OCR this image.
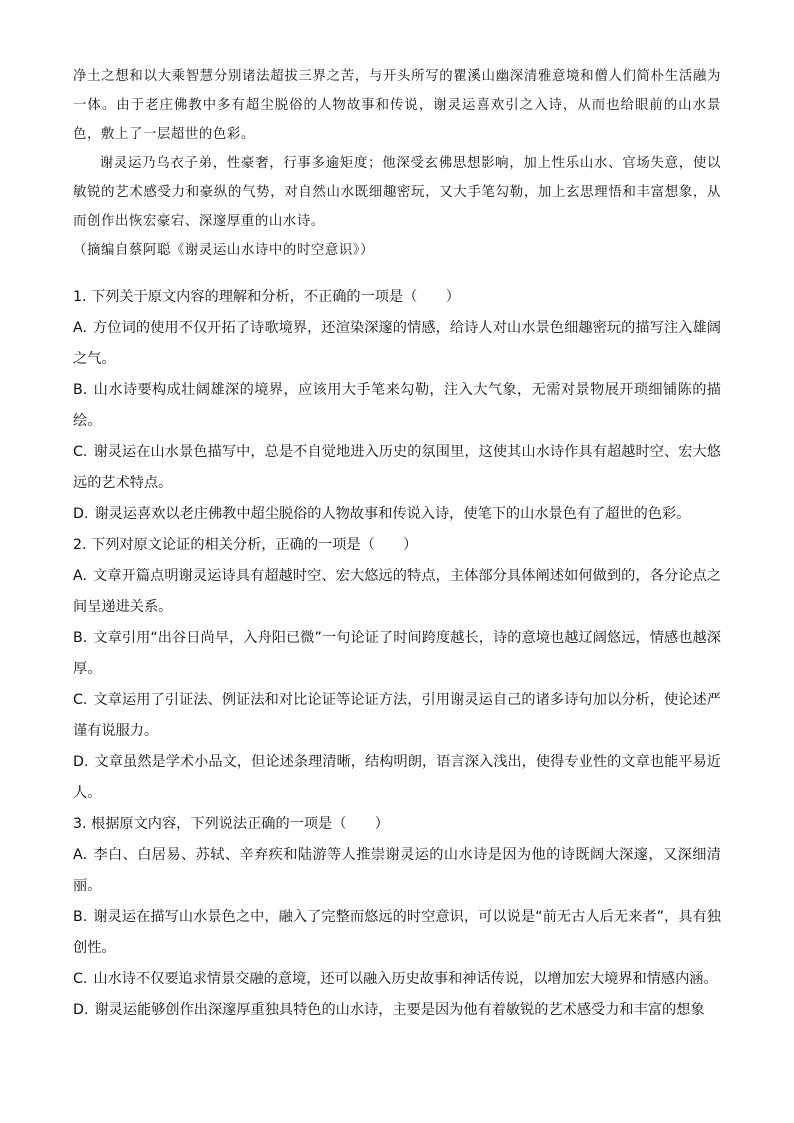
净土之想和以大乘智慧分别诸法超拔三界之苦，与开头所写的瞿溪山幽深清雅意境和僧人们简朴生活融为一体。由于老庄佛教中多有超尘脱俗的人物故事和传说，谢灵运喜欢引之入诗，从而也给眼前的山水景色，敷上了一层超世的色彩。

谢灵运乃乌衣子弟，性豪奢，行事多逾矩度；他深受玄佛思想影响，加上性乐山水、官场失意，使以敏锐的艺术感受力和豪纵的气势，对自然山水既细趣密玩，又大手笔勾勒，加上玄思理悟和丰富想象，从而创作出恢宏豪宕、深邃厚重的山水诗。

（摘编自蔡阿聪《谢灵运山水诗中的时空意识》）

1. 下列关于原文内容的理解和分析，不正确的一项是（　　）

A. 方位词的使用不仅开拓了诗歌境界，还渲染深邃的情感，给诗人对山水景色细趣密玩的描写注入雄阔之气。

B. 山水诗要构成壮阔雄深的境界，应该用大手笔来勾勒，注入大气象，无需对景物展开琐细铺陈的描绘。

C. 谢灵运在山水景色描写中，总是不自觉地进入历史的氛围里，这使其山水诗作具有超越时空、宏大悠远的艺术特点。

D. 谢灵运喜欢以老庄佛教中超尘脱俗的人物故事和传说入诗，使笔下的山水景色有了超世的色彩。

2. 下列对原文论证的相关分析，正确的一项是（　　）

A. 文章开篇点明谢灵运诗具有超越时空、宏大悠远的特点，主体部分具体阐述如何做到的，各分论点之间呈递进关系。

B. 文章引用“出谷日尚早，入舟阳已微”一句论证了时间跨度越长，诗的意境也越辽阔悠远，情感也越深厚。

C. 文章运用了引证法、例证法和对比论证等论证方法，引用谢灵运自己的诸多诗句加以分析，使论述严谨有说服力。

D. 文章虽然是学术小品文，但论述条理清晰，结构明朗，语言深入浅出，使得专业性的文章也能平易近人。

3. 根据原文内容，下列说法正确的一项是（　　）

A. 李白、白居易、苏轼、辛弃疾和陆游等人推崇谢灵运的山水诗是因为他的诗既阔大深邃，又深细清丽。

B. 谢灵运在描写山水景色之中，融入了完整而悠远的时空意识，可以说是“前无古人后无来者”，具有独创性。

C. 山水诗不仅要追求情景交融的意境，还可以融入历史故事和神话传说，以增加宏大境界和情感内涵。

D. 谢灵运能够创作出深邃厚重独具特色的山水诗，主要是因为他有着敏锐的艺术感受力和丰富的想象
